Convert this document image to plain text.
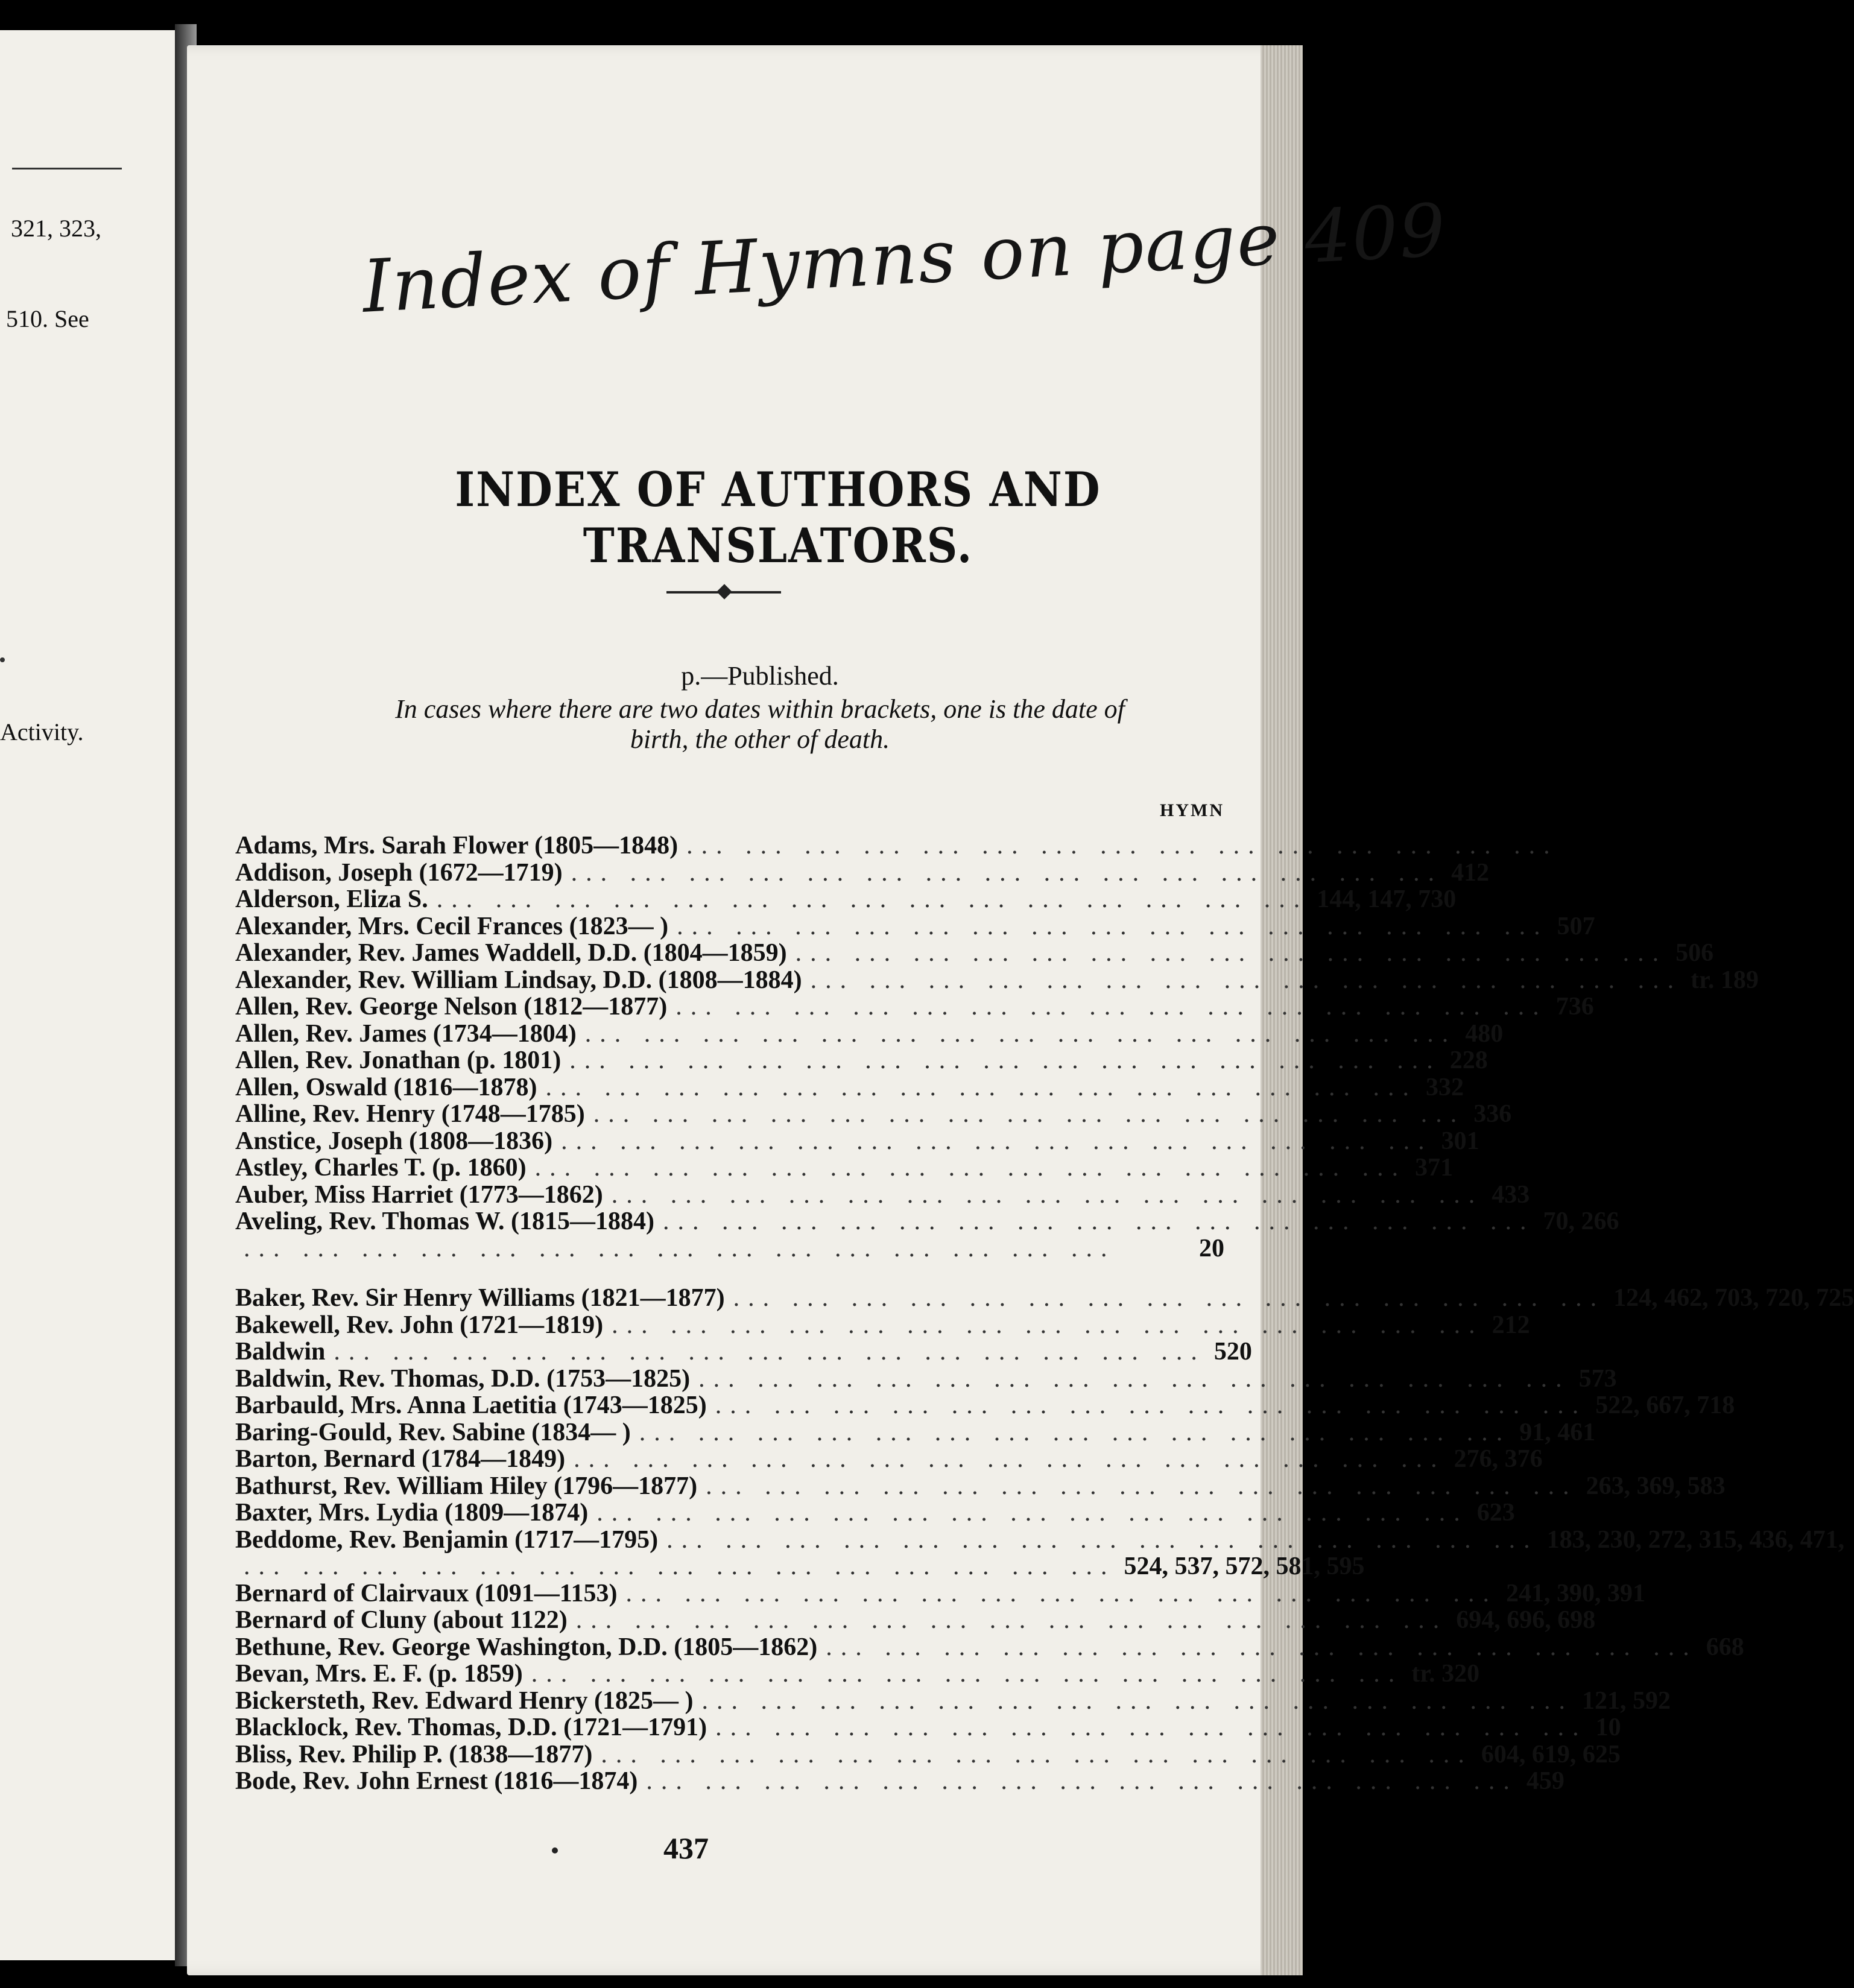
321, 323,
510. See
Activity.
Index of Hymns on page 409
INDEX OF AUTHORS AND TRANSLATORS.
p.—Published.
In cases where there are two dates within brackets, one is the date of
birth, the other of death.
HYMN
Adams, Mrs. Sarah Flower (1805—1848) ... ... ... ... ... ... ... ... ... ... ... ... ... ... ...
Addison, Joseph (1672—1719) ... ... ... ... ... ... ... ... ... ... ... ... ... ... ... 412
Alderson, Eliza S. ... ... ... ... ... ... ... ... ... ... ... ... ... ... ... 144, 147, 730
Alexander, Mrs. Cecil Frances (1823— ) ... ... ... ... ... ... ... ... ... ... ... ... ... ... ... 507
Alexander, Rev. James Waddell, D.D. (1804—1859) ... ... ... ... ... ... ... ... ... ... ... ... ... ... ... 506
Alexander, Rev. William Lindsay, D.D. (1808—1884) ... ... ... ... ... ... ... ... ... ... ... ... ... ... ... tr. 189
Allen, Rev. George Nelson (1812—1877) ... ... ... ... ... ... ... ... ... ... ... ... ... ... ... 736
Allen, Rev. James (1734—1804) ... ... ... ... ... ... ... ... ... ... ... ... ... ... ... 480
Allen, Rev. Jonathan (p. 1801) ... ... ... ... ... ... ... ... ... ... ... ... ... ... ... 228
Allen, Oswald (1816—1878) ... ... ... ... ... ... ... ... ... ... ... ... ... ... ... 332
Alline, Rev. Henry (1748—1785) ... ... ... ... ... ... ... ... ... ... ... ... ... ... ... 336
Anstice, Joseph (1808—1836) ... ... ... ... ... ... ... ... ... ... ... ... ... ... ... 301
Astley, Charles T. (p. 1860) ... ... ... ... ... ... ... ... ... ... ... ... ... ... ... 371
Auber, Miss Harriet (1773—1862) ... ... ... ... ... ... ... ... ... ... ... ... ... ... ... 433
Aveling, Rev. Thomas W. (1815—1884) ... ... ... ... ... ... ... ... ... ... ... ... ... ... ... 70, 266
... ... ... ... ... ... ... ... ... ... ... ... ... ... ...	20
Baker, Rev. Sir Henry Williams (1821—1877) ... ... ... ... ... ... ... ... ... ... ... ... ... ... ... 124, 462, 703, 720, 725
Bakewell, Rev. John (1721—1819) ... ... ... ... ... ... ... ... ... ... ... ... ... ... ... 212
Baldwin ... ... ... ... ... ... ... ... ... ... ... ... ... ... ... 520
Baldwin, Rev. Thomas, D.D. (1753—1825) ... ... ... ... ... ... ... ... ... ... ... ... ... ... ... 573
Barbauld, Mrs. Anna Laetitia (1743—1825) ... ... ... ... ... ... ... ... ... ... ... ... ... ... ... 522, 667, 718
Baring-Gould, Rev. Sabine (1834— ) ... ... ... ... ... ... ... ... ... ... ... ... ... ... ... 91, 461
Barton, Bernard (1784—1849) ... ... ... ... ... ... ... ... ... ... ... ... ... ... ... 276, 376
Bathurst, Rev. William Hiley (1796—1877) ... ... ... ... ... ... ... ... ... ... ... ... ... ... ... 263, 369, 583
Baxter, Mrs. Lydia (1809—1874) ... ... ... ... ... ... ... ... ... ... ... ... ... ... ... 623
Beddome, Rev. Benjamin (1717—1795) ... ... ... ... ... ... ... ... ... ... ... ... ... ... ... 183, 230, 272, 315, 436, 471,
... ... ... ... ... ... ... ... ... ... ... ... ... ... ... 524, 537, 572, 581, 595
Bernard of Clairvaux (1091—1153) ... ... ... ... ... ... ... ... ... ... ... ... ... ... ... 241, 390, 391
Bernard of Cluny (about 1122) ... ... ... ... ... ... ... ... ... ... ... ... ... ... ... 694, 696, 698
Bethune, Rev. George Washington, D.D. (1805—1862) ... ... ... ... ... ... ... ... ... ... ... ... ... ... ... 668
Bevan, Mrs. E. F. (p. 1859) ... ... ... ... ... ... ... ... ... ... ... ... ... ... ... tr. 320
Bickersteth, Rev. Edward Henry (1825— ) ... ... ... ... ... ... ... ... ... ... ... ... ... ... ... 121, 592
Blacklock, Rev. Thomas, D.D. (1721—1791) ... ... ... ... ... ... ... ... ... ... ... ... ... ... ... 10
Bliss, Rev. Philip P. (1838—1877) ... ... ... ... ... ... ... ... ... ... ... ... ... ... ... 604, 619, 625
Bode, Rev. John Ernest (1816—1874) ... ... ... ... ... ... ... ... ... ... ... ... ... ... ... 459
437
